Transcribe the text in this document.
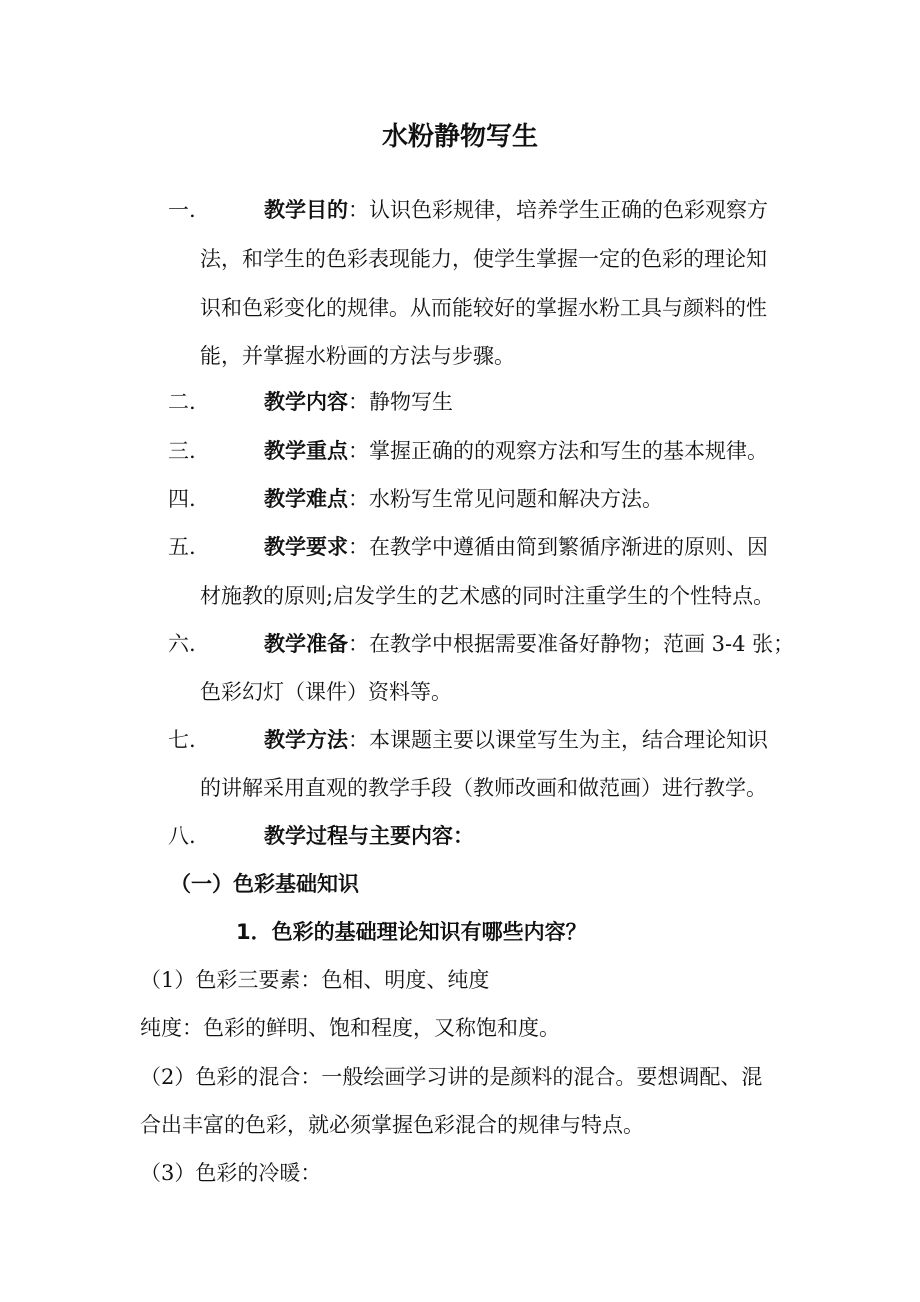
水粉静物写生
一.	教学目的：认识色彩规律，培养学生正确的色彩观察方
法，和学生的色彩表现能力，使学生掌握一定的色彩的理论知
识和色彩变化的规律。从而能较好的掌握水粉工具与颜料的性
能，并掌握水粉画的方法与步骤。
二.	教学内容：静物写生
三.	教学重点：掌握正确的的观察方法和写生的基本规律。
四.	教学难点：水粉写生常见问题和解决方法。
五.	教学要求：在教学中遵循由简到繁循序渐进的原则、因
材施教的原则;启发学生的艺术感的同时注重学生的个性特点。
六.	教学准备：在教学中根据需要准备好静物；范画 3-4 张；
色彩幻灯（课件）资料等。
七.	教学方法：本课题主要以课堂写生为主，结合理论知识
的讲解采用直观的教学手段（教师改画和做范画）进行教学。
八.	教学过程与主要内容：
（一）色彩基础知识
1．色彩的基础理论知识有哪些内容？
（1）色彩三要素：色相、明度、纯度
纯度：色彩的鲜明、饱和程度，又称饱和度。
（2）色彩的混合：一般绘画学习讲的是颜料的混合。要想调配、混
合出丰富的色彩，就必须掌握色彩混合的规律与特点。
（3）色彩的冷暖：
